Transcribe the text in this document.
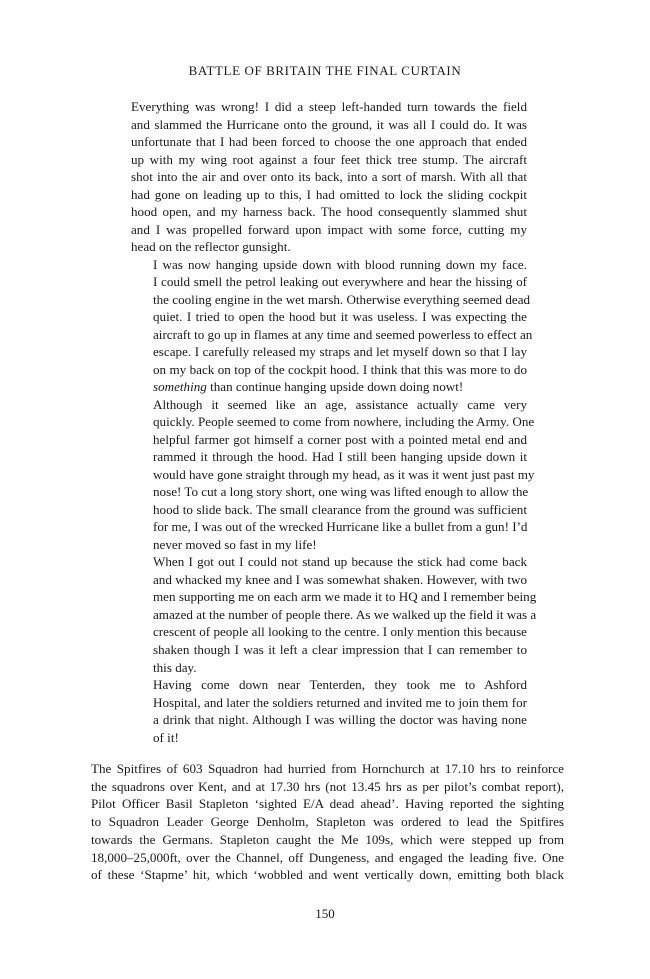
BATTLE OF BRITAIN THE FINAL CURTAIN

Everything was wrong! I did a steep left-handed turn towards the field
and slammed the Hurricane onto the ground, it was all I could do. It was
unfortunate that I had been forced to choose the one approach that ended
up with my wing root against a four feet thick tree stump. The aircraft
shot into the air and over onto its back, into a sort of marsh. With all that
had gone on leading up to this, I had omitted to lock the sliding cockpit
hood open, and my harness back. The hood consequently slammed shut
and I was propelled forward upon impact with some force, cutting my
head on the reflector gunsight.

I was now hanging upside down with blood running down my face.
I could smell the petrol leaking out everywhere and hear the hissing of
the cooling engine in the wet marsh. Otherwise everything seemed dead
quiet. I tried to open the hood but it was useless. I was expecting the
aircraft to go up in flames at any time and seemed powerless to effect an
escape. I carefully released my straps and let myself down so that I lay
on my back on top of the cockpit hood. I think that this was more to do
something than continue hanging upside down doing nowt!

Although it seemed like an age, assistance actually came very
quickly. People seemed to come from nowhere, including the Army. One
helpful farmer got himself a corner post with a pointed metal end and
rammed it through the hood. Had I still been hanging upside down it
would have gone straight through my head, as it was it went just past my
nose! To cut a long story short, one wing was lifted enough to allow the
hood to slide back. The small clearance from the ground was sufficient
for me, I was out of the wrecked Hurricane like a bullet from a gun! I’d
never moved so fast in my life!

When I got out I could not stand up because the stick had come back
and whacked my knee and I was somewhat shaken. However, with two
men supporting me on each arm we made it to HQ and I remember being
amazed at the number of people there. As we walked up the field it was a
crescent of people all looking to the centre. I only mention this because
shaken though I was it left a clear impression that I can remember to
this day.

Having come down near Tenterden, they took me to Ashford
Hospital, and later the soldiers returned and invited me to join them for
a drink that night. Although I was willing the doctor was having none
of it!

The Spitfires of 603 Squadron had hurried from Hornchurch at 17.10 hrs to reinforce
the squadrons over Kent, and at 17.30 hrs (not 13.45 hrs as per pilot’s combat report),
Pilot Officer Basil Stapleton ‘sighted E/A dead ahead’. Having reported the sighting
to Squadron Leader George Denholm, Stapleton was ordered to lead the Spitfires
towards the Germans. Stapleton caught the Me 109s, which were stepped up from
18,000–25,000ft, over the Channel, off Dungeness, and engaged the leading five. One
of these ‘Stapme’ hit, which ‘wobbled and went vertically down, emitting both black

150
